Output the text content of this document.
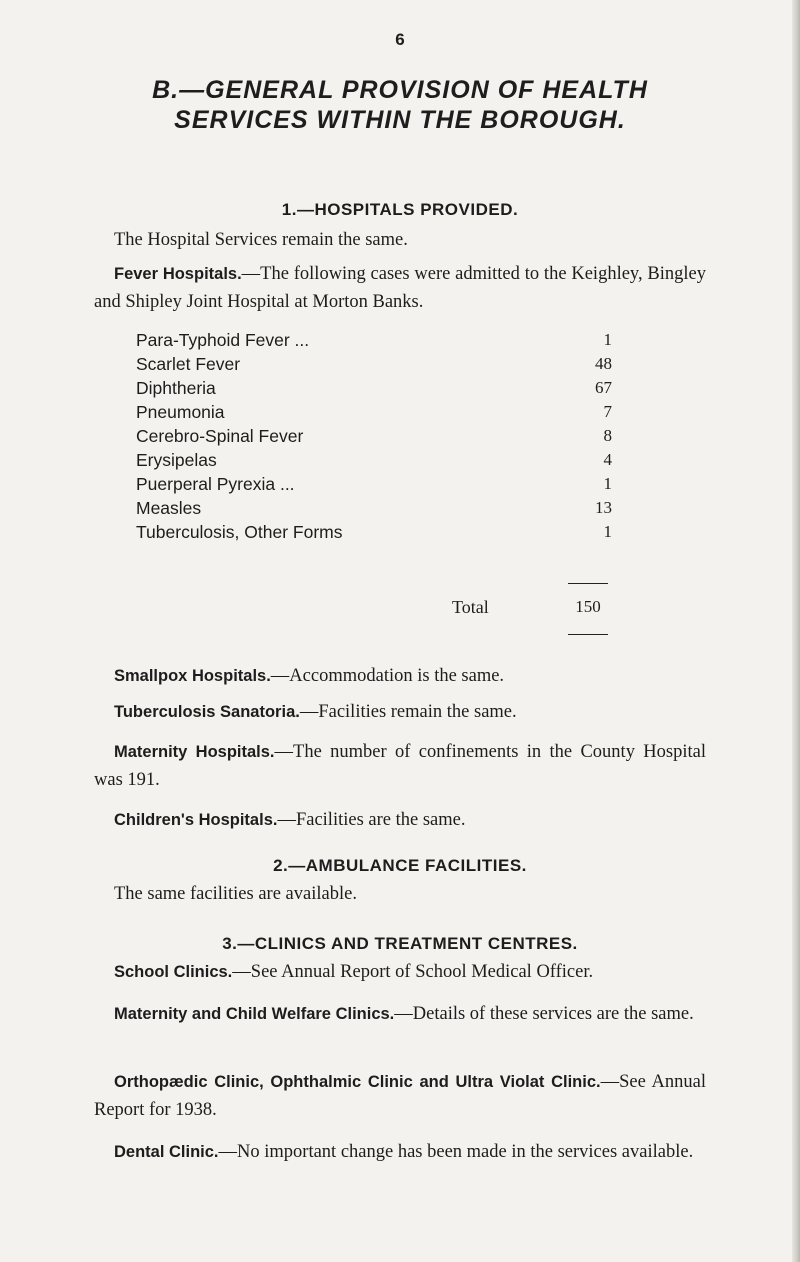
6
B.—GENERAL PROVISION OF HEALTH
SERVICES WITHIN THE BOROUGH.
1.—HOSPITALS PROVIDED.
The Hospital Services remain the same.
Fever Hospitals.—The following cases were admitted to the Keighley, Bingley and Shipley Joint Hospital at Morton Banks.
Para-Typhoid Fever ...	1
Scarlet Fever	48
Diphtheria	67
Pneumonia	7
Cerebro-Spinal Fever	8
Erysipelas	4
Puerperal Pyrexia ...	1
Measles	13
Tuberculosis, Other Forms	1
Total	150
Smallpox Hospitals.—Accommodation is the same.
Tuberculosis Sanatoria.—Facilities remain the same.
Maternity Hospitals.—The number of confinements in the County Hospital was 191.
Children's Hospitals.—Facilities are the same.
2.—AMBULANCE FACILITIES.
The same facilities are available.
3.—CLINICS AND TREATMENT CENTRES.
School Clinics.—See Annual Report of School Medical Officer.
Maternity and Child Welfare Clinics.—Details of these services are the same.
Orthopædic Clinic, Ophthalmic Clinic and Ultra Violat Clinic.—See Annual Report for 1938.
Dental Clinic.—No important change has been made in the services available.
